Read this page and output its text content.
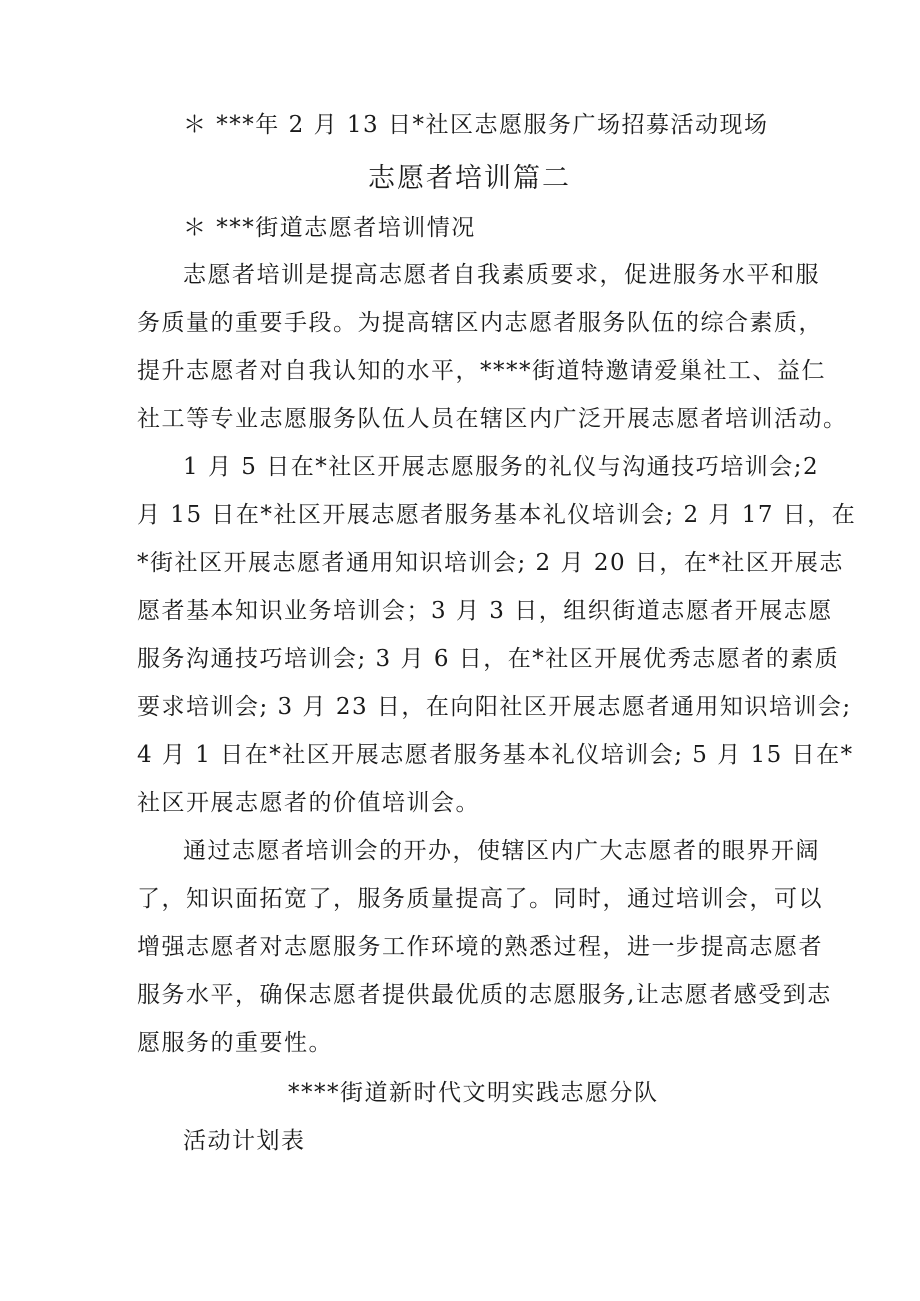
＊ ***年 2 月 13 日*社区志愿服务广场招募活动现场
志愿者培训篇二
＊ ***街道志愿者培训情况
志愿者培训是提高志愿者自我素质要求，促进服务水平和服
务质量的重要手段。为提高辖区内志愿者服务队伍的综合素质，
提升志愿者对自我认知的水平，****街道特邀请爱巢社工、益仁
社工等专业志愿服务队伍人员在辖区内广泛开展志愿者培训活动。
1 月 5 日在*社区开展志愿服务的礼仪与沟通技巧培训会;2
月 15 日在*社区开展志愿者服务基本礼仪培训会; 2 月 17 日，在
*街社区开展志愿者通用知识培训会; 2 月 20 日，在*社区开展志
愿者基本知识业务培训会；3 月 3 日，组织街道志愿者开展志愿
服务沟通技巧培训会; 3 月 6 日，在*社区开展优秀志愿者的素质
要求培训会; 3 月 23 日，在向阳社区开展志愿者通用知识培训会;
4 月 1 日在*社区开展志愿者服务基本礼仪培训会; 5 月 15 日在*
社区开展志愿者的价值培训会。
通过志愿者培训会的开办，使辖区内广大志愿者的眼界开阔
了，知识面拓宽了，服务质量提高了。同时，通过培训会，可以
增强志愿者对志愿服务工作环境的熟悉过程，进一步提高志愿者
服务水平，确保志愿者提供最优质的志愿服务,让志愿者感受到志
愿服务的重要性。
****街道新时代文明实践志愿分队
活动计划表
